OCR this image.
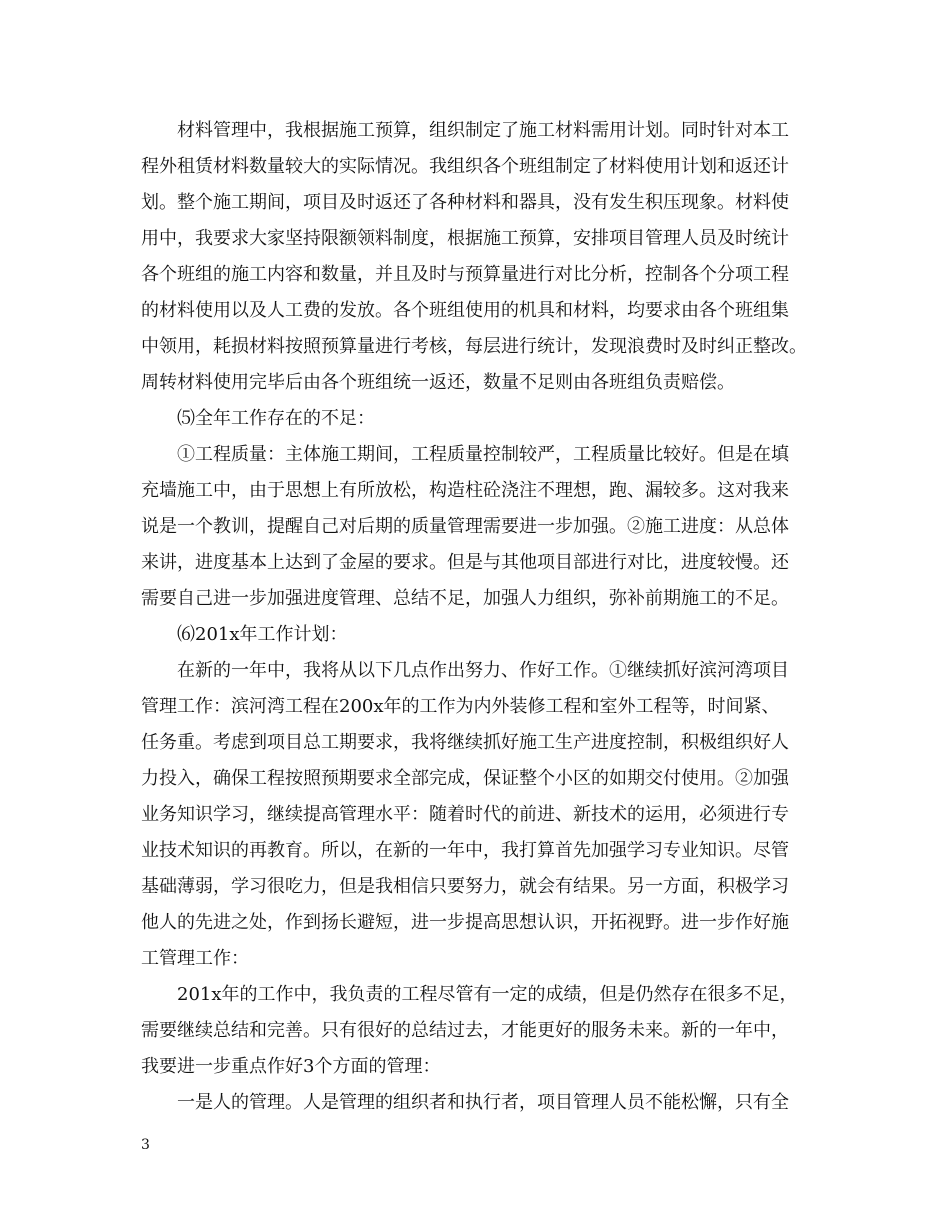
材料管理中，我根据施工预算，组织制定了施工材料需用计划。同时针对本工
程外租赁材料数量较大的实际情况。我组织各个班组制定了材料使用计划和返还计
划。整个施工期间，项目及时返还了各种材料和器具，没有发生积压现象。材料使
用中，我要求大家坚持限额领料制度，根据施工预算，安排项目管理人员及时统计
各个班组的施工内容和数量，并且及时与预算量进行对比分析，控制各个分项工程
的材料使用以及人工费的发放。各个班组使用的机具和材料，均要求由各个班组集
中领用，耗损材料按照预算量进行考核，每层进行统计，发现浪费时及时纠正整改。
周转材料使用完毕后由各个班组统一返还，数量不足则由各班组负责赔偿。
⑸全年工作存在的不足：
①工程质量：主体施工期间，工程质量控制较严，工程质量比较好。但是在填
充墙施工中，由于思想上有所放松，构造柱砼浇注不理想，跑、漏较多。这对我来
说是一个教训，提醒自己对后期的质量管理需要进一步加强。②施工进度：从总体
来讲，进度基本上达到了金屋的要求。但是与其他项目部进行对比，进度较慢。还
需要自己进一步加强进度管理、总结不足，加强人力组织，弥补前期施工的不足。
⑹201x年工作计划：
在新的一年中，我将从以下几点作出努力、作好工作。①继续抓好滨河湾项目
管理工作：滨河湾工程在200x年的工作为内外装修工程和室外工程等，时间紧、
任务重。考虑到项目总工期要求，我将继续抓好施工生产进度控制，积极组织好人
力投入，确保工程按照预期要求全部完成，保证整个小区的如期交付使用。②加强
业务知识学习，继续提高管理水平：随着时代的前进、新技术的运用，必须进行专
业技术知识的再教育。所以，在新的一年中，我打算首先加强学习专业知识。尽管
基础薄弱，学习很吃力，但是我相信只要努力，就会有结果。另一方面，积极学习
他人的先进之处，作到扬长避短，进一步提高思想认识，开拓视野。进一步作好施
工管理工作：
201x年的工作中，我负责的工程尽管有一定的成绩，但是仍然存在很多不足，
需要继续总结和完善。只有很好的总结过去，才能更好的服务未来。新的一年中，
我要进一步重点作好3个方面的管理：
一是人的管理。人是管理的组织者和执行者，项目管理人员不能松懈，只有全
3
